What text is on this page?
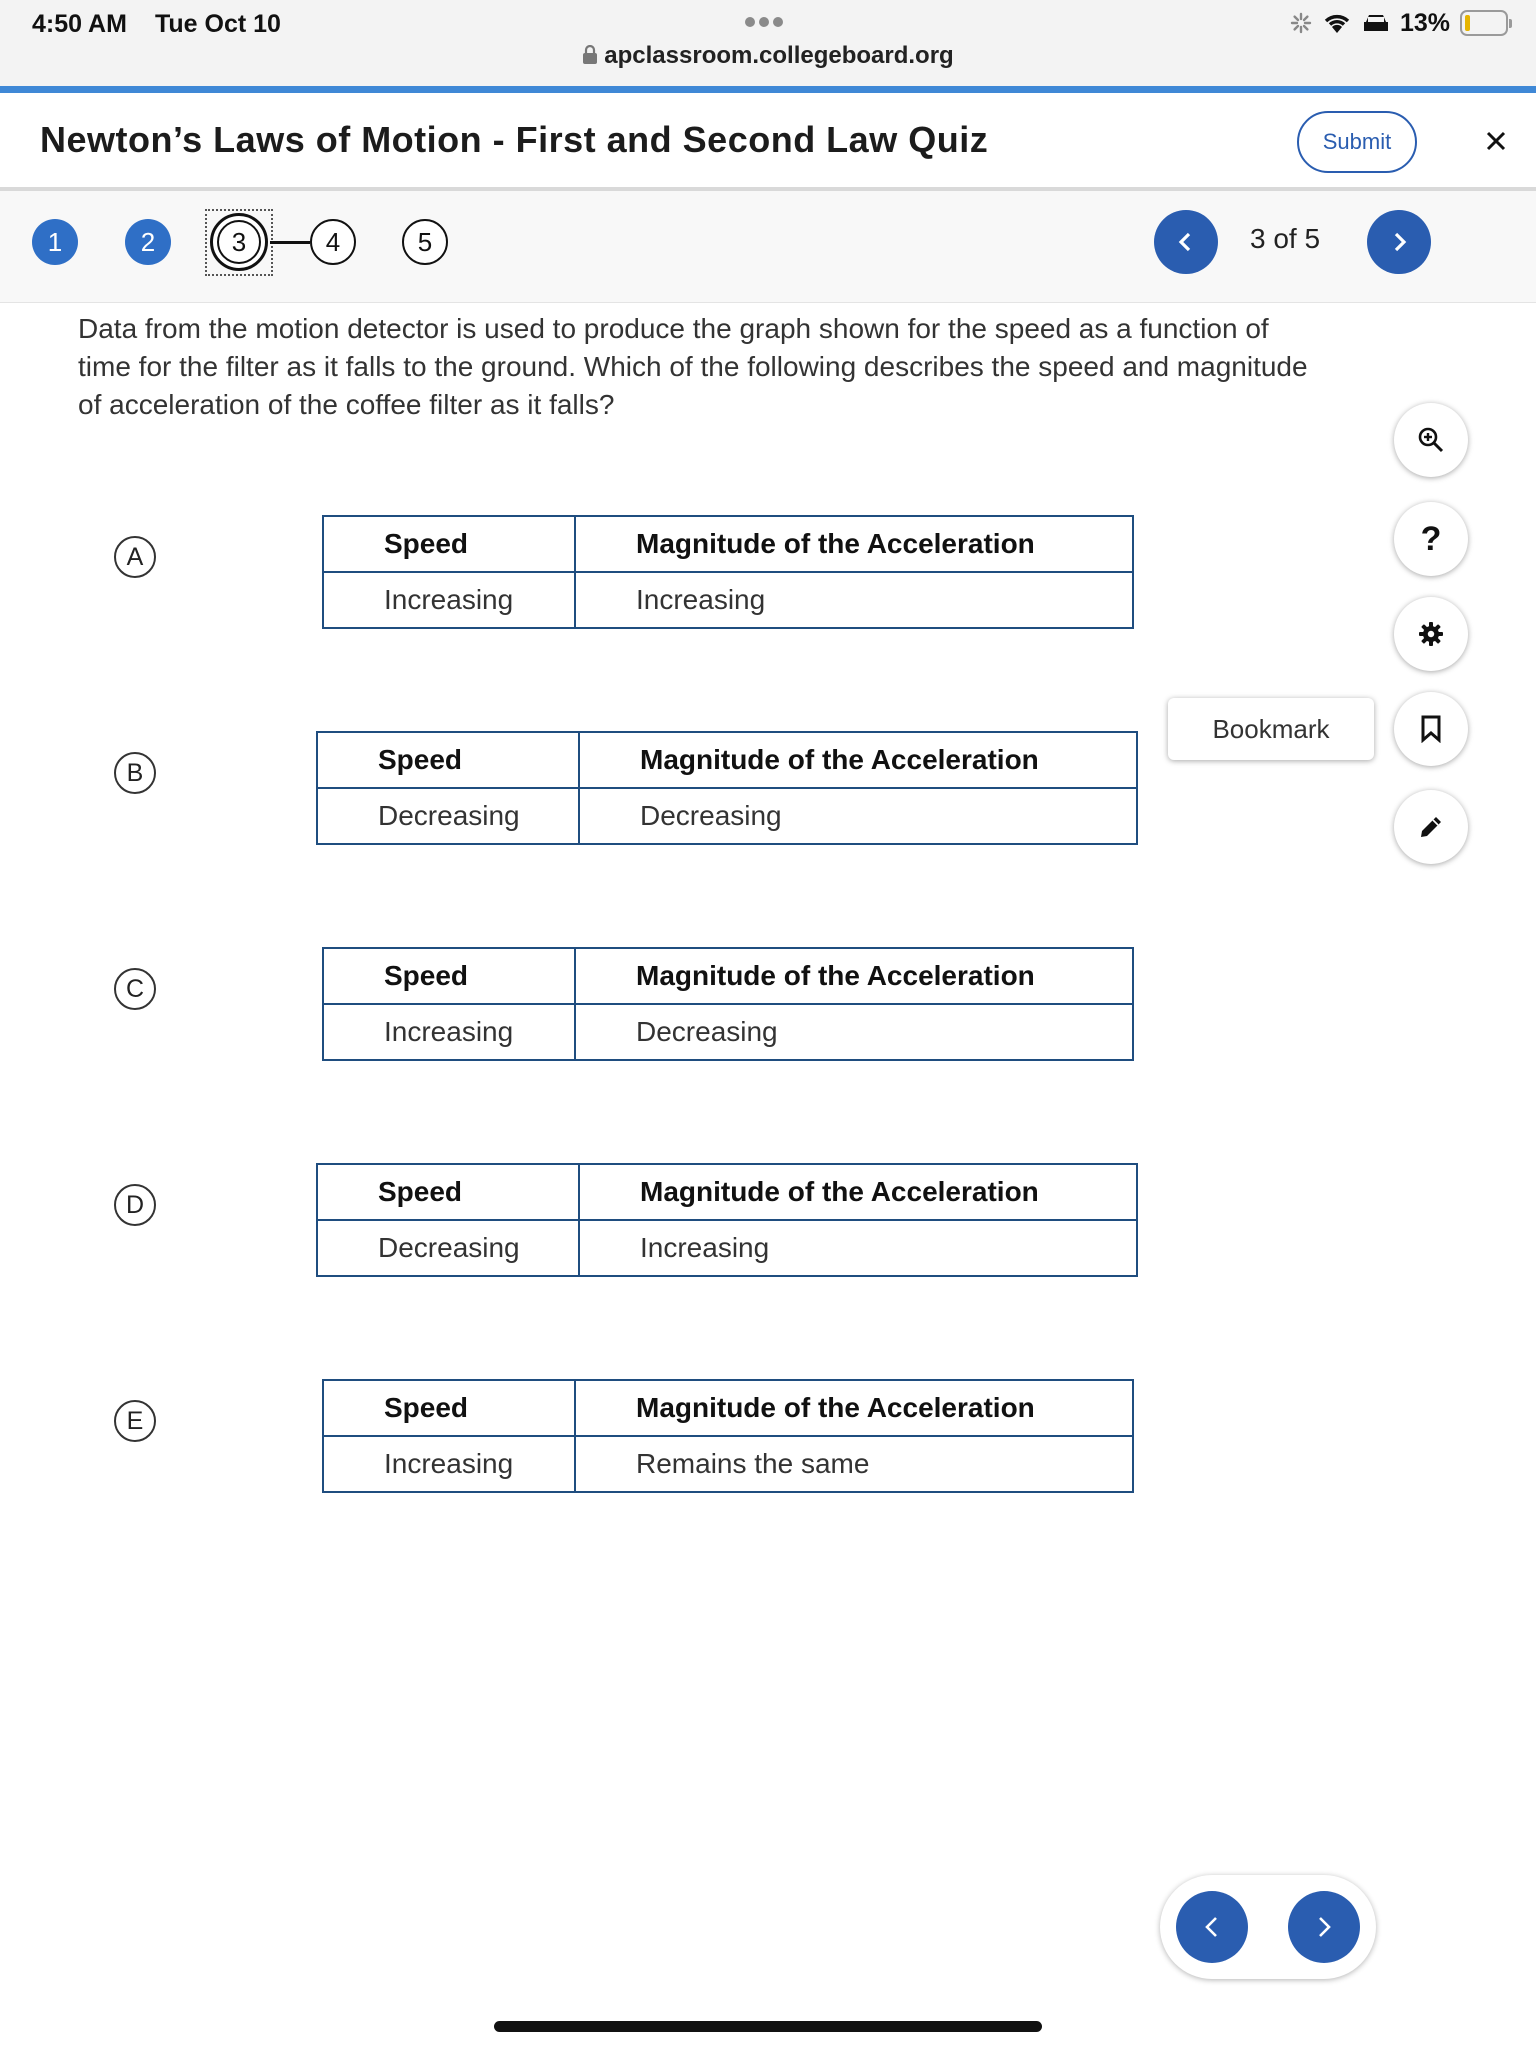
4:50 AM Tue Oct 10
apclassroom.collegeboard.org
13%
Newton’s Laws of Motion - First and Second Law Quiz	Submit
1	2	3	4	5	3 of 5
Data from the motion detector is used to produce the graph shown for the speed as a function of time for the filter as it falls to the ground. Which of the following describes the speed and magnitude of acceleration of the coffee filter as it falls?
A	Speed	Magnitude of the Acceleration
Increasing	Increasing
B	Speed	Magnitude of the Acceleration
Decreasing	Decreasing
C	Speed	Magnitude of the Acceleration
Increasing	Decreasing
D	Speed	Magnitude of the Acceleration
Decreasing	Increasing
E	Speed	Magnitude of the Acceleration
Increasing	Remains the same
?
Bookmark
